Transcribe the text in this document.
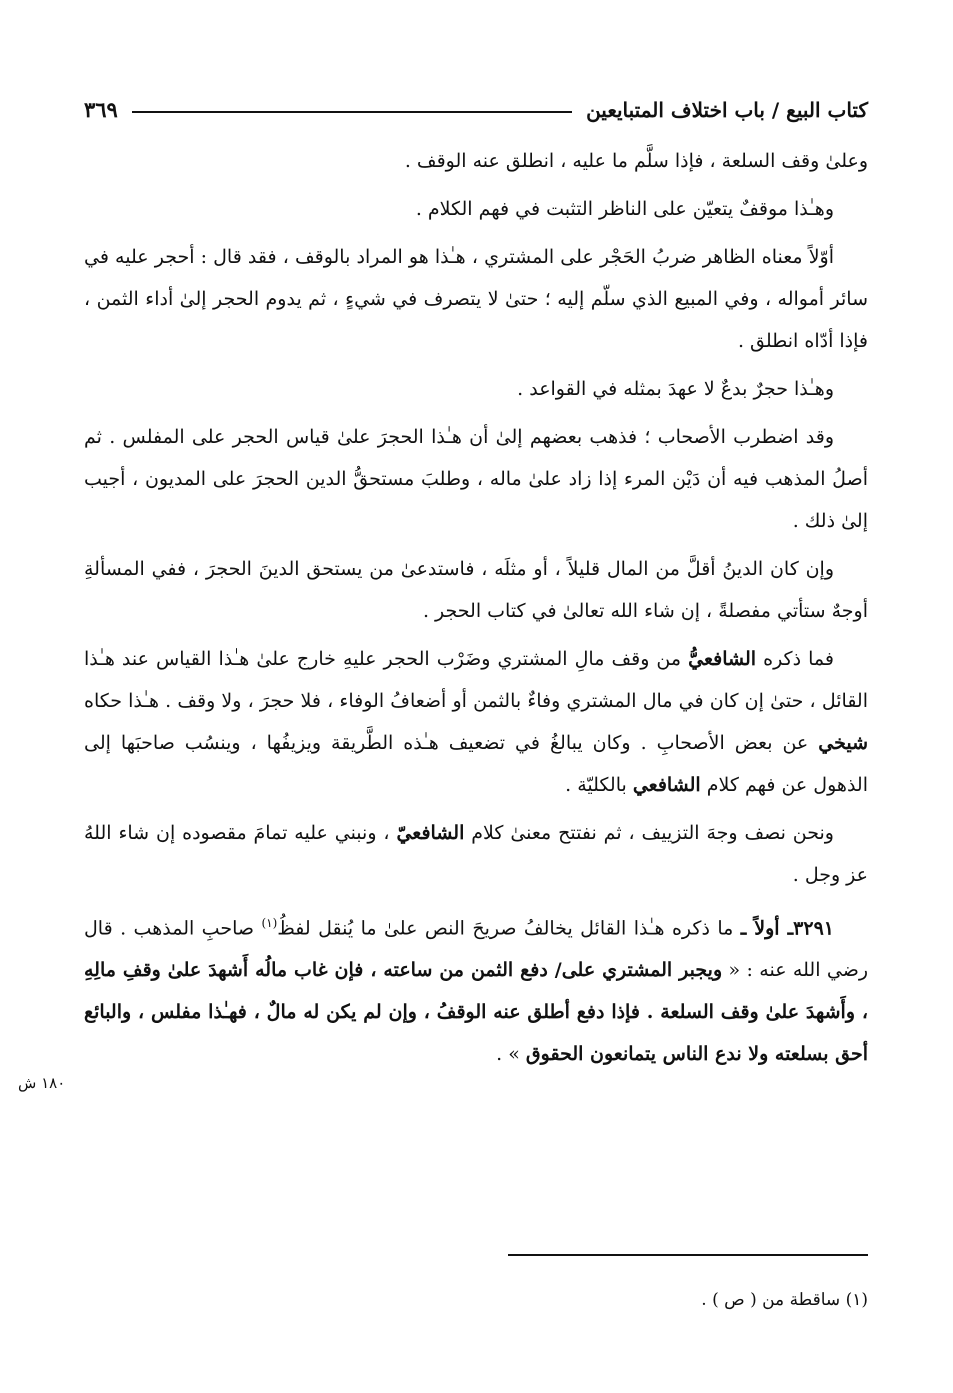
كتاب البيع / باب اختلاف المتبايعين
٣٦٩

وعلىٰ وقف السلعة ، فإذا سلَّم ما عليه ، انطلق عنه الوقف .

وهـٰذا موقفٌ يتعيّن على الناظر التثبت في فهم الكلام .

أوّلاً معناه الظاهر ضربُ الحَجْر على المشتري ، هـٰذا هو المراد بالوقف ، فقد قال : أحجر عليه في سائر أمواله ، وفي المبيع الذي سلّم إليه ؛ حتىٰ لا يتصرف في شيءٍ ، ثم يدوم الحجر إلىٰ أداء الثمن ، فإذا أدّاه انطلق .

وهـٰذا حجرٌ بدعٌ لا عهدَ بمثله في القواعد .

وقد اضطرب الأصحاب ؛ فذهب بعضهم إلىٰ أن هـٰذا الحجرَ علىٰ قياس الحجر على المفلس . ثم أصلُ المذهب فيه أن دَيْن المرء إذا زاد علىٰ ماله ، وطلبَ مستحقُّ الدين الحجرَ على المديون ، أجيب إلىٰ ذلك .

وإن كان الدينُ أقلَّ من المال قليلاً ، أو مثلَه ، فاستدعىٰ من يستحق الدينَ الحجرَ ، ففي المسألةِ أوجهٌ ستأتي مفصلةً ، إن شاء الله تعالىٰ في كتاب الحجر .

فما ذكره الشافعيُّ من وقف مالِ المشتري وضَرْب الحجر عليهِ خارج علىٰ هـٰذا القياس عند هـٰذا القائل ، حتىٰ إن كان في مال المشتري وفاءٌ بالثمن أو أضعافُ الوفاء ، فلا حجرَ ، ولا وقف . هـٰذا حكاه شيخي عن بعض الأصحابِ . وكان يبالغُ في تضعيف هـٰذه الطَّريقة ويزيفُها ، وينسُب صاحبَها إلى الذهول عن فهم كلام الشافعي بالكليّة .

ونحن نصف وجهَ التزييف ، ثم نفتتح معنىٰ كلام الشافعيّ ، ونبني عليه تمامَ مقصوده إن شاء اللهُ عز وجل .

٣٢٩١ـ أولاً ـ ما ذكره هـٰذا القائل يخالفُ صريحَ النص علىٰ ما يُنقل لفظُ$^{(١)}$ صاحبِ المذهب . قال رضي الله عنه : « ويجبر المشتري على/ دفع الثمن من ساعته ، فإن غاب مالُه أَشهدَ علىٰ وقفِ مالِهِ ، وأَشهدَ علىٰ وقف السلعة . فإذا دفع أطلق عنه الوقفُ ، وإن لم يكن له مالٌ ، فهـٰذا مفلس ، والبائع أحق بسلعته ولا ندع الناس يتمانعون الحقوق » .

١٨٠ ش
(١) ساقطة من ( ص ) .
